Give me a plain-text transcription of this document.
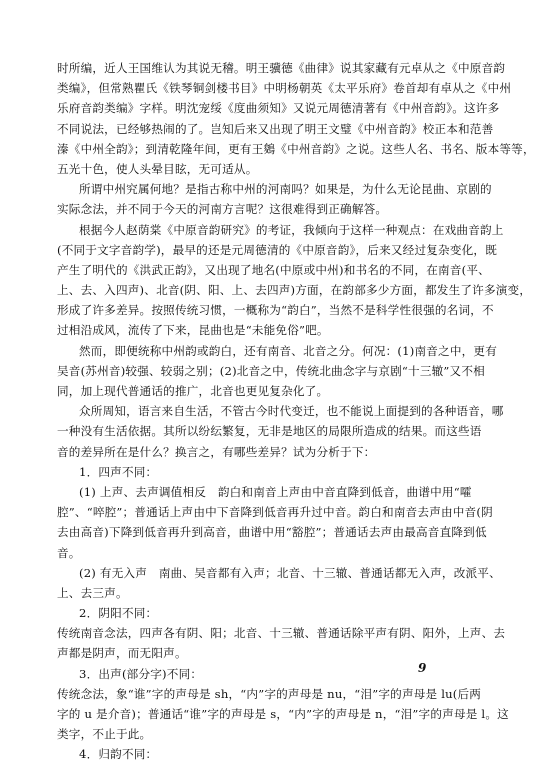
时所编，近人王国维认为其说无稽。明王骥德《曲律》说其家藏有元卓从之《中原音韵
类编》，但常熟瞿氏《铁琴铜剑楼书目》中明杨朝英《太平乐府》卷首却有卓从之《中州
乐府音韵类编》字样。明沈宠绥《度曲须知》又说元周德清著有《中州音韵》。这许多
不同说法，已经够热闹的了。岂知后来又出现了明王文璧《中州音韵》校正本和范善
溱《中州全韵》；到清乾隆年间，更有王鵕《中州音韵》之说。这些人名、书名、版本等等，
五光十色，使人头晕目眩，无可适从。
所谓中州究属何地？是指古称中州的河南吗？如果是，为什么无论昆曲、京剧的
实际念法，并不同于今天的河南方言呢？这很难得到正确解答。
根据今人赵荫棠《中原音韵研究》的考证，我倾向于这样一种观点：在戏曲音韵上
(不同于文字音韵学)，最早的还是元周德清的《中原音韵》，后来又经过复杂变化，既
产生了明代的《洪武正韵》，又出现了地名(中原或中州)和书名的不同，在南音(平、
上、去、入四声)、北音(阴、阳、上、去四声)方面，在韵部多少方面，都发生了许多演变，
形成了许多差异。按照传统习惯，一概称为“韵白”，当然不是科学性很强的名词，不
过相沿成风，流传了下来，昆曲也是“未能免俗”吧。
然而，即便统称中州韵或韵白，还有南音、北音之分。何况：(1)南音之中，更有
吴音(苏州音)较强、较弱之别；(2)北音之中，传统北曲念字与京剧“十三辙”又不相
同，加上现代普通话的推广，北音也更见复杂化了。
众所周知，语言来自生活，不管古今时代变迁，也不能说上面提到的各种语音，哪
一种没有生活依据。其所以纷纭繁复，无非是地区的局限所造成的结果。而这些语
音的差异所在是什么？换言之，有哪些差异？试为分析于下：
1．四声不同：
(1) 上声、去声调值相反　韵白和南音上声由中音直降到低音，曲谱中用“嚯
腔”、“啐腔”；普通话上声由中下音降到低音再升过中音。韵白和南音去声由中音(阴
去由高音)下降到低音再升到高音，曲谱中用“豁腔”；普通话去声由最高音直降到低
音。
(2) 有无入声　南曲、吴音都有入声；北音、十三辙、普通话都无入声，改派平、
上、去三声。
2．阴阳不同：
传统南音念法，四声各有阴、阳；北音、十三辙、普通话除平声有阴、阳外，上声、去
声都是阴声，而无阳声。
3．出声(部分字)不同：
传统念法，象“谁”字的声母是 sh，“内”字的声母是 nu，“泪”字的声母是 lu(后两
字的 u 是介音)；普通话“谁”字的声母是 s，“内”字的声母是 n，“泪”字的声母是 l。这
类字，不止于此。
4．归韵不同：
9
